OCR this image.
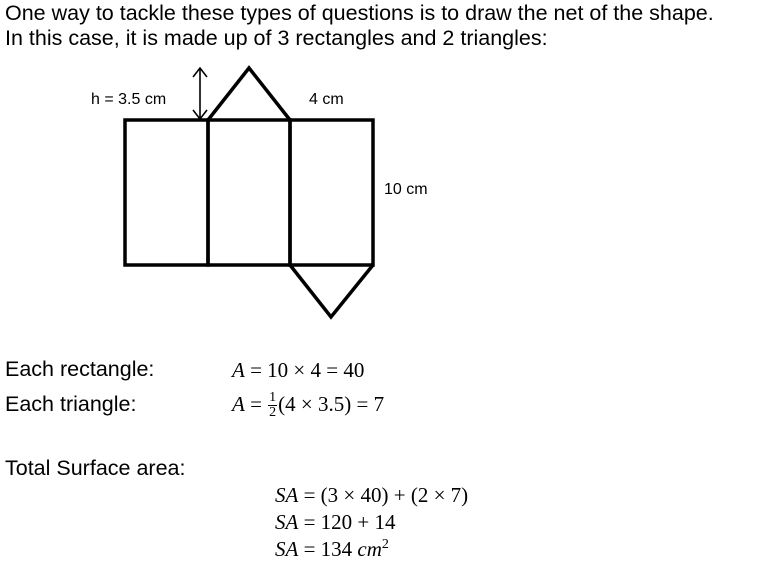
One way to tackle these types of questions is to draw the net of the shape.
In this case, it is made up of 3 rectangles and 2 triangles:
h = 3.5 cm	4 cm
10 cm
Each rectangle:	A = 10 × 4 = 40
Each triangle:	$A = \frac{1}{2} (4 \times 3.5) = 7$
Total Surface area:
SA = (3 × 40) + (2 × 7)
SA = 120 + 14
SA = 134 $cm^2$
